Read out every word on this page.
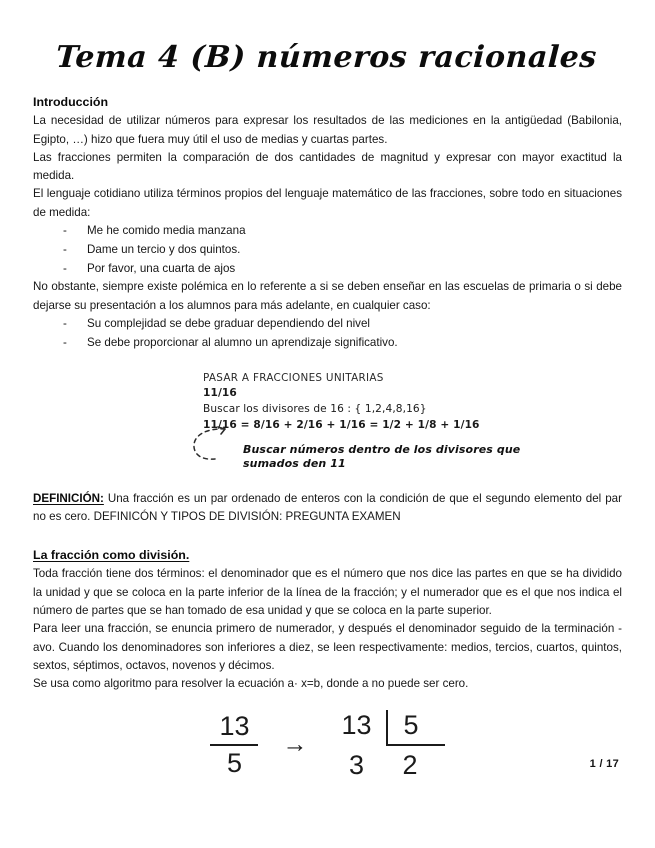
Tema 4 (B) números racionales
Introducción

La necesidad de utilizar números para expresar los resultados de las mediciones en la antigüedad (Babilonia, Egipto, …) hizo que fuera muy útil el uso de medias y cuartas partes.

Las fracciones permiten la comparación de dos cantidades de magnitud y expresar con mayor exactitud la medida.

El lenguaje cotidiano utiliza términos propios del lenguaje matemático de las fracciones, sobre todo en situaciones de medida:

- Me he comido media manzana
- Dame un tercio y dos quintos.
- Por favor, una cuarta de ajos

No obstante, siempre existe polémica en lo referente a si se deben enseñar en las escuelas de primaria o si debe dejarse su presentación a los alumnos para más adelante, en cualquier caso:

- Su complejidad se debe graduar dependiendo del nivel
- Se debe proporcionar al alumno un aprendizaje significativo.
PASAR A FRACCIONES UNITARIAS
11/16
Buscar los divisores de 16 : { 1,2,4,8,16}
11/16 = 8/16 + 2/16 + 1/16 = 1/2 + 1/8 + 1/16
Buscar números dentro de los divisores que sumados den 11

DEFINICIÓN: Una fracción es un par ordenado de enteros con la condición de que el segundo elemento del par no es cero. DEFINICÓN Y TIPOS DE DIVISIÓN: PREGUNTA EXAMEN

La fracción como división.

Toda fracción tiene dos términos: el denominador que es el número que nos dice las partes en que se ha dividido la unidad y que se coloca en la parte inferior de la línea de la fracción; y el numerador que es el que nos indica el número de partes que se han tomado de esa unidad y que se coloca en la parte superior.

Para leer una fracción, se enuncia primero de numerador, y después el denominador seguido de la terminación -avo. Cuando los denominadores son inferiores a diez, se leen respectivamente: medios, tercios, cuartos, quintos, sextos, séptimos, octavos, novenos y décimos.

Se usa como algoritmo para resolver la ecuación a· x=b, donde a no puede ser cero.

$\frac{13}{5}$ →
13	5
3	2	1 / 17
